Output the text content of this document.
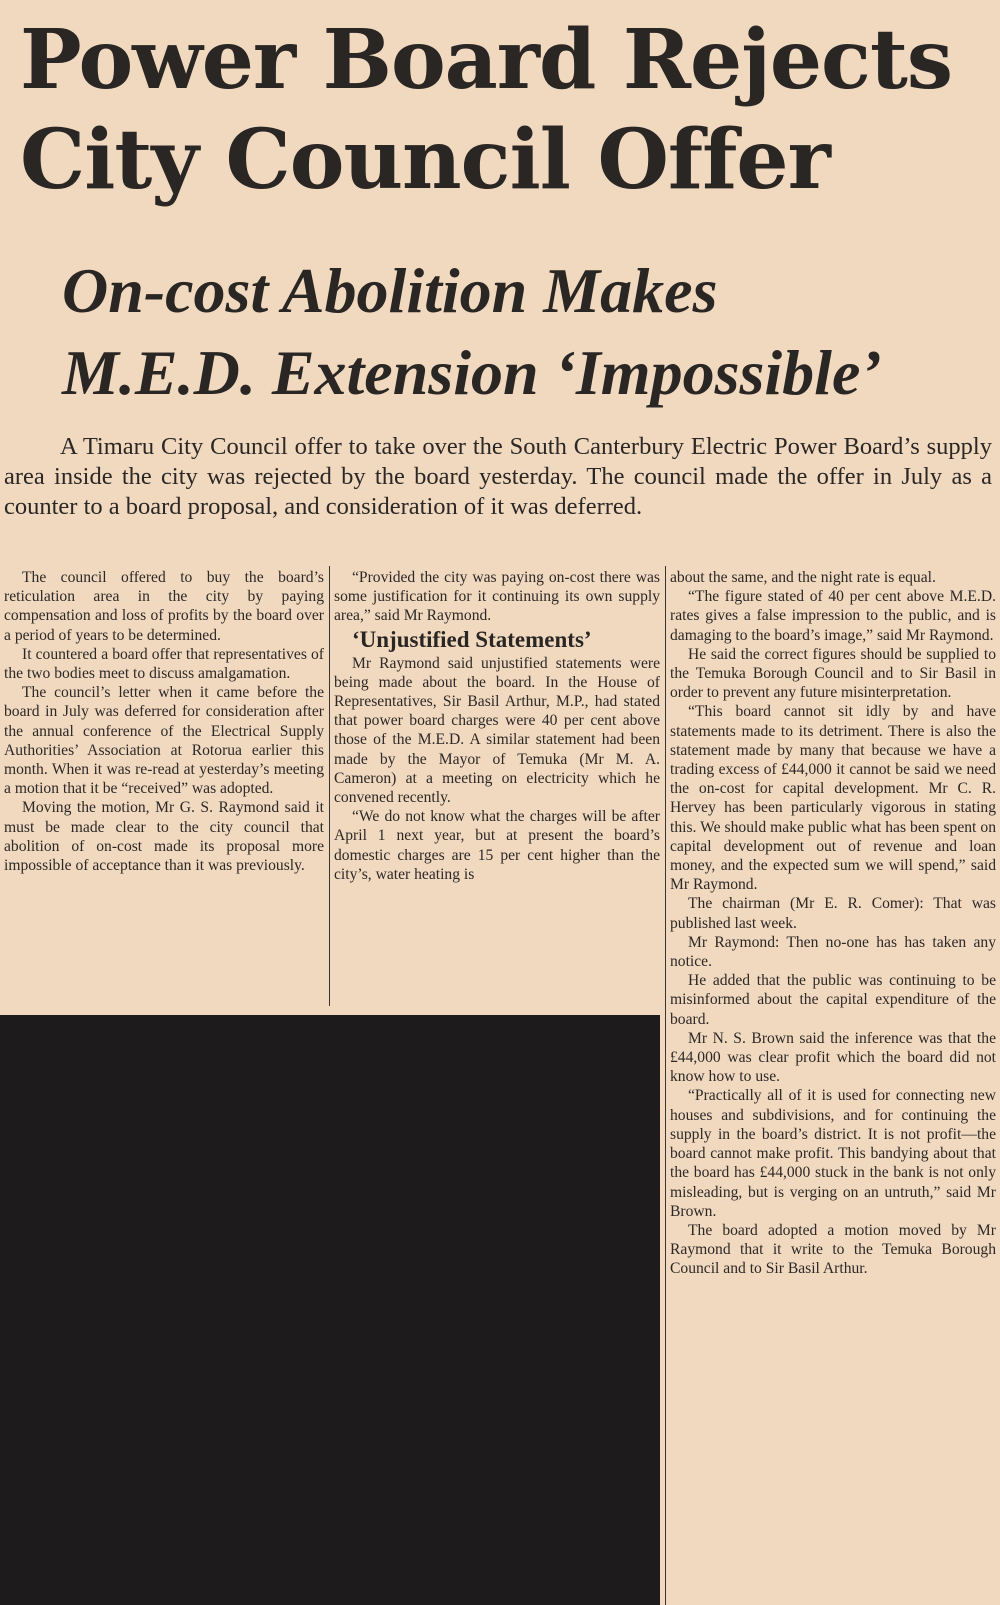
Power Board Rejects
City Council Offer
On-cost Abolition Makes
M.E.D. Extension ‘Impossible’

A Timaru City Council offer to take over the South Canterbury Electric Power Board’s supply area inside the city was rejected by the board yesterday. The council made the offer in July as a counter to a board proposal, and consideration of it was deferred.

The council offered to buy the board’s reticulation area in the city by paying compensation and loss of profits by the board over a period of years to be determined.

It countered a board offer that representatives of the two bodies meet to discuss amalgamation.

The council’s letter when it came before the board in July was deferred for consideration after the annual conference of the Electrical Supply Authorities’ Association at Rotorua earlier this month. When it was re-read at yesterday’s meeting a motion that it be “received” was adopted.

Moving the motion, Mr G. S. Raymond said it must be made clear to the city council that abolition of on-cost made its proposal more impossible of acceptance than it was previously.

“Provided the city was paying on-cost there was some justification for it continuing its own supply area,” said Mr Raymond.

‘Unjustified Statements’

Mr Raymond said unjustified statements were being made about the board. In the House of Representatives, Sir Basil Arthur, M.P., had stated that power board charges were 40 per cent above those of the M.E.D. A similar statement had been made by the Mayor of Temuka (Mr M. A. Cameron) at a meeting on electricity which he convened recently.

“We do not know what the charges will be after April 1 next year, but at present the board’s domestic charges are 15 per cent higher than the city’s, water heating is

about the same, and the night rate is equal.

“The figure stated of 40 per cent above M.E.D. rates gives a false impression to the public, and is damaging to the board’s image,” said Mr Raymond.

He said the correct figures should be supplied to the Temuka Borough Council and to Sir Basil in order to prevent any future misinterpretation.

“This board cannot sit idly by and have statements made to its detriment. There is also the statement made by many that because we have a trading excess of £44,000 it cannot be said we need the on-cost for capital development. Mr C. R. Hervey has been particularly vigorous in stating this. We should make public what has been spent on capital development out of revenue and loan money, and the expected sum we will spend,” said Mr Raymond.

The chairman (Mr E. R. Comer): That was published last week.

Mr Raymond: Then no-one has has taken any notice.

He added that the public was continuing to be misinformed about the capital expenditure of the board.

Mr N. S. Brown said the inference was that the £44,000 was clear profit which the board did not know how to use.

“Practically all of it is used for connecting new houses and subdivisions, and for continuing the supply in the board’s district. It is not profit—the board cannot make profit. This bandying about that the board has £44,000 stuck in the bank is not only misleading, but is verging on an untruth,” said Mr Brown.

The board adopted a motion moved by Mr Raymond that it write to the Temuka Borough Council and to Sir Basil Arthur.
